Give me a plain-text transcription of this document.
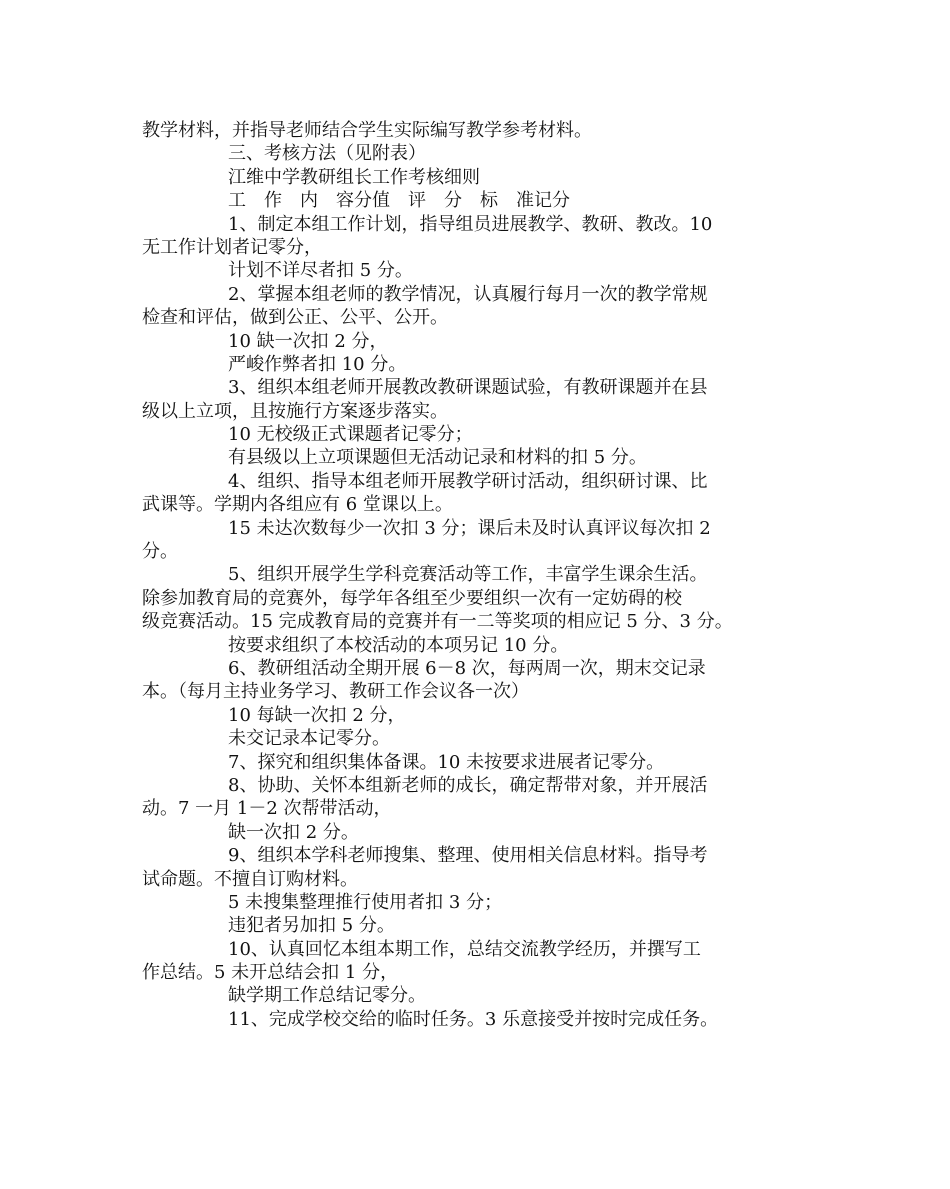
教学材料，并指导老师结合学生实际编写教学参考材料。
三、考核方法（见附表）
江维中学教研组长工作考核细则
工　作　内　容分值　评　分　标　准记分
1、制定本组工作计划，指导组员进展教学、教研、教改。10
无工作计划者记零分，
计划不详尽者扣 5 分。
2、掌握本组老师的教学情况，认真履行每月一次的教学常规
检查和评估，做到公正、公平、公开。
10 缺一次扣 2 分，
严峻作弊者扣 10 分。
3、组织本组老师开展教改教研课题试验，有教研课题并在县
级以上立项，且按施行方案逐步落实。
10 无校级正式课题者记零分；
有县级以上立项课题但无活动记录和材料的扣 5 分。
4、组织、指导本组老师开展教学研讨活动，组织研讨课、比
武课等。学期内各组应有 6 堂课以上。
15 未达次数每少一次扣 3 分；课后未及时认真评议每次扣 2
分。
5、组织开展学生学科竞赛活动等工作，丰富学生课余生活。
除参加教育局的竞赛外，每学年各组至少要组织一次有一定妨碍的校
级竞赛活动。15 完成教育局的竞赛并有一二等奖项的相应记 5 分、3 分。
按要求组织了本校活动的本项另记 10 分。
6、教研组活动全期开展 6－8 次，每两周一次，期末交记录
本。（每月主持业务学习、教研工作会议各一次）
10 每缺一次扣 2 分，
未交记录本记零分。
7、探究和组织集体备课。10 未按要求进展者记零分。
8、协助、关怀本组新老师的成长，确定帮带对象，并开展活
动。7 一月 1－2 次帮带活动，
缺一次扣 2 分。
9、组织本学科老师搜集、整理、使用相关信息材料。指导考
试命题。不擅自订购材料。
5 未搜集整理推行使用者扣 3 分；
违犯者另加扣 5 分。
10、认真回忆本组本期工作，总结交流教学经历，并撰写工
作总结。5 未开总结会扣 1 分，
缺学期工作总结记零分。
11、完成学校交给的临时任务。3 乐意接受并按时完成任务。
